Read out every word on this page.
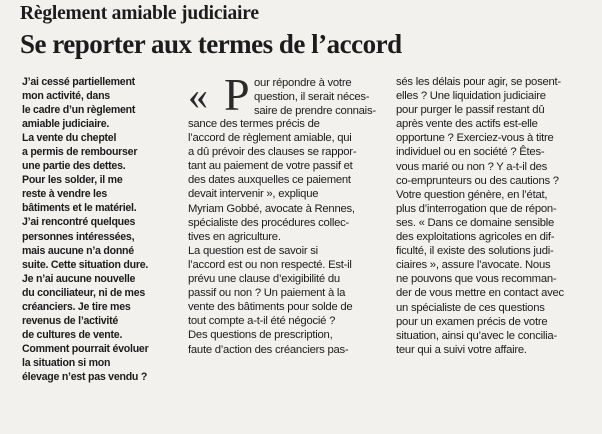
Règlement amiable judiciaire
Se reporter aux termes de l’accord
J’ai cessé partiellement
mon activité, dans
le cadre d’un règlement
amiable judiciaire.
La vente du cheptel
a permis de rembourser
une partie des dettes.
Pour les solder, il me
reste à vendre les
bâtiments et le matériel.
J’ai rencontré quelques
personnes intéressées,
mais aucune n’a donné
suite. Cette situation dure.
Je n’ai aucune nouvelle
du conciliateur, ni de mes
créanciers. Je tire mes
revenus de l’activité
de cultures de vente.
Comment pourrait évoluer
la situation si mon
élevage n’est pas vendu ?
« P our répondre à votre
question, il serait néces-
saire de prendre connais-
sance des termes précis de
l’accord de règlement amiable, qui
a dû prévoir des clauses se rappor-
tant au paiement de votre passif et
des dates auxquelles ce paiement
devait intervenir », explique
Myriam Gobbé, avocate à Rennes,
spécialiste des procédures collec-
tives en agriculture.
La question est de savoir si
l’accord est ou non respecté. Est-il
prévu une clause d’exigibilité du
passif ou non ? Un paiement à la
vente des bâtiments pour solde de
tout compte a-t-il été négocié ?
Des questions de prescription,
faute d’action des créanciers pas-
sés les délais pour agir, se posent-
elles ? Une liquidation judiciaire
pour purger le passif restant dû
après vente des actifs est-elle
opportune ? Exerciez-vous à titre
individuel ou en société ? Êtes-
vous marié ou non ? Y a-t-il des
co-emprunteurs ou des cautions ?
Votre question génère, en l’état,
plus d’interrogation que de répon-
ses. « Dans ce domaine sensible
des exploitations agricoles en dif-
ficulté, il existe des solutions judi-
ciaires », assure l’avocate. Nous
ne pouvons que vous recomman-
der de vous mettre en contact avec
un spécialiste de ces questions
pour un examen précis de votre
situation, ainsi qu’avec le concilia-
teur qui a suivi votre affaire.
